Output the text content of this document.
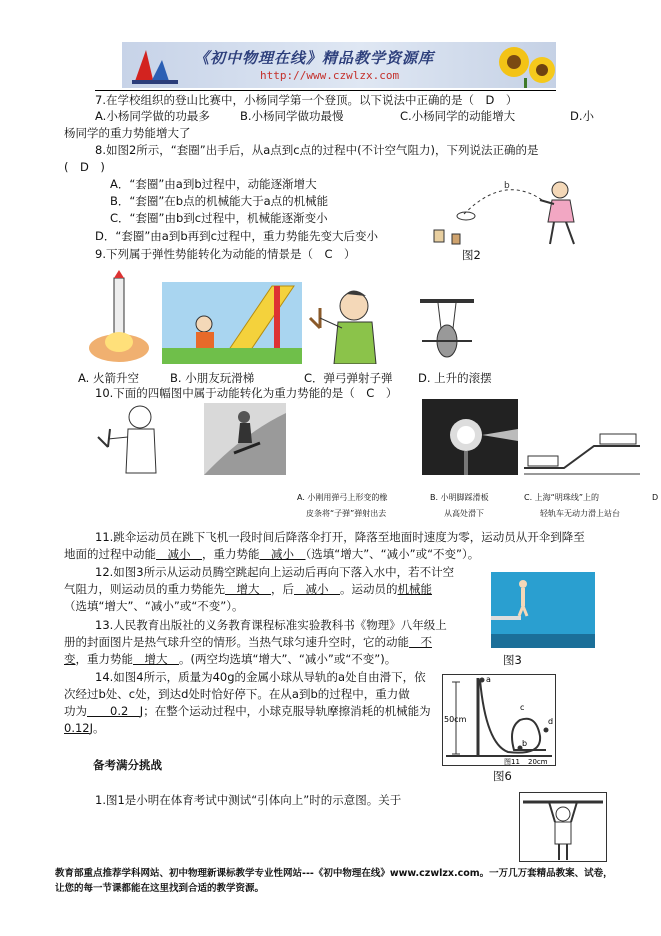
《初中物理在线》精品教学资源库
http://www.czwlzx.com
7.在学校组织的登山比赛中，小杨同学第一个登顶。以下说法中正确的是（　D　）
A.小杨同学做的功最多	B.小杨同学做功最慢	C.小杨同学的动能增大	D.小
杨同学的重力势能增大了
8.如图2所示，“套圈”出手后，从a点到c点的过程中(不计空气阻力)，下列说法正确的是
(　D　)
A．“套圈”由a到b过程中，动能逐渐增大
B．“套圈”在b点的机械能大于a点的机械能
C．“套圈”由b到c过程中，机械能逐渐变小
D．“套圈”由a到b再到c过程中，重力势能先变大后变小
b
图2
9.下列属于弹性势能转化为动能的情景是（　C　）
A. 火箭升空	B. 小朋友玩滑梯	C．弹弓弹射子弹 D. 上升的滚摆
10.下面的四幅图中属于动能转化为重力势能的是（　C　）
A. 小刚用弹弓上形变的橡
皮条将“子弹”弹射出去
B. 小明脚踩滑板
从高处滑下
C. 上海“明珠线”上的
轻轨车无动力滑上站台
D
11.跳伞运动员在跳下飞机一段时间后降落伞打开，降落至地面时速度为零，运动员从开伞到降至
地面的过程中动能　减小　，重力势能　减小　（选填“增大”、“减小”或“不变”）。
12.如图3所示从运动员腾空跳起向上运动后再向下落入水中，若不计空
气阻力，则运动员的重力势能先　增大　，后　减小　。运动员的机械能
（选填“增大”、“减小”或“不变”）。
图3
13.人民教育出版社的义务教育课程标准实验教科书《物理》八年级上
册的封面图片是热气球升空的情形。当热气球匀速升空时，它的动能　不
变，重力势能　增大　。(两空均选填“增大”、“减小”或“不变”)。
14.如图4所示，质量为40g的金属小球从导轨的a处自由滑下，依
次经过b处、c处，到达d处时恰好停下。在从a到b的过程中，重力做
功为　　0.2　J；在整个运动过程中，小球克服导轨摩擦消耗的机械能为
0.12J。
50cm
a
b
c
d
20cm
图11
图6
备考满分挑战
1.图1是小明在体育考试中测试“引体向上”时的示意图。关于
教育部重点推荐学科网站、初中物理新课标教学专业性网站---《初中物理在线》www.czwlzx.com。一万几万套精品教案、试卷，让您的每一节课都能在这里找到合适的教学资源。
